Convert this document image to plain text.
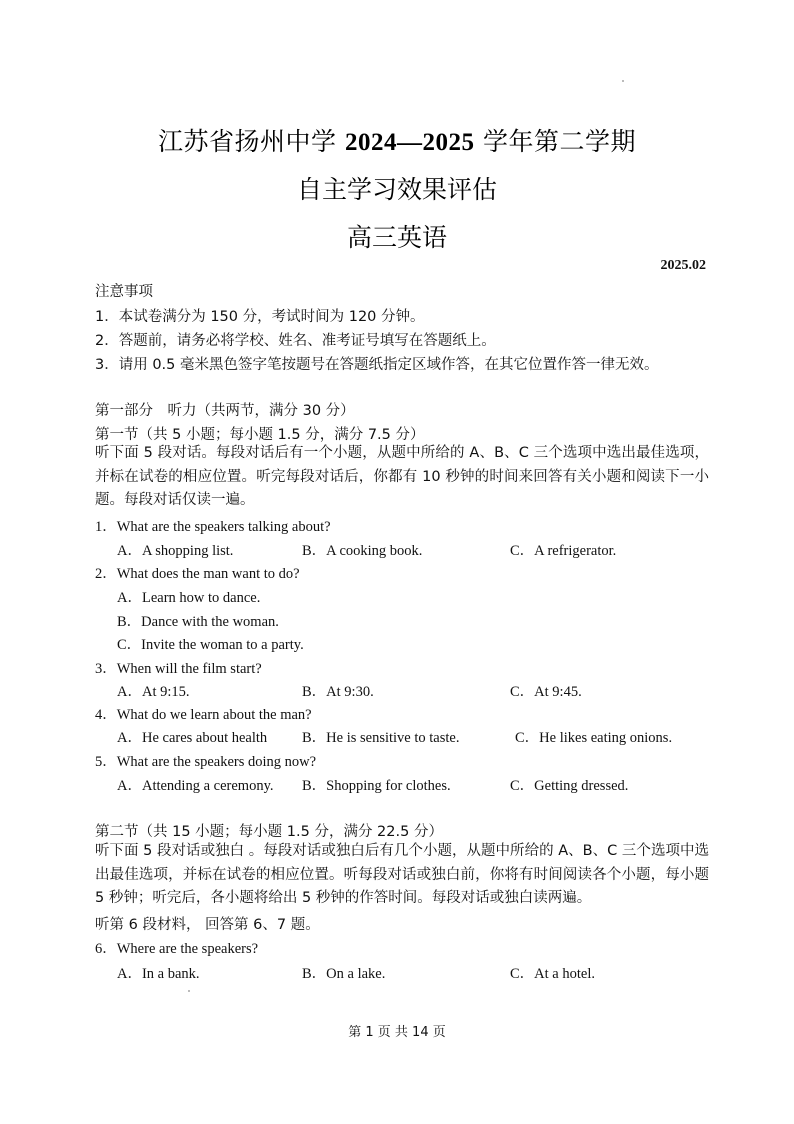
江苏省扬州中学 2024—2025 学年第二学期
自主学习效果评估
高三英语
2025.02
注意事项
1．本试卷满分为 150 分，考试时间为 120 分钟。
2．答题前，请务必将学校、姓名、准考证号填写在答题纸上。
3．请用 0.5 毫米黑色签字笔按题号在答题纸指定区域作答，在其它位置作答一律无效。
第一部分　听力（共两节，满分 30 分）
第一节（共 5 小题；每小题 1.5 分，满分 7.5 分）
听下面 5 段对话。每段对话后有一个小题，从题中所给的 A、B、C 三个选项中选出最佳选项，并标在试卷的相应位置。听完每段对话后，你都有 10 秒钟的时间来回答有关小题和阅读下一小题。每段对话仅读一遍。
1．What are the speakers talking about?
A．A shopping list.	B．A cooking book.	C．A refrigerator.
2．What does the man want to do?
A．Learn how to dance.
B．Dance with the woman.
C．Invite the woman to a party.
3．When will the film start?
A．At 9:15.	B．At 9:30.	C．At 9:45.
4．What do we learn about the man?
A．He cares about health B．He is sensitive to taste.	C．He likes eating onions.
5．What are the speakers doing now?
A．Attending a ceremony. B．Shopping for clothes.	C．Getting dressed.
第二节（共 15 小题；每小题 1.5 分，满分 22.5 分）
听下面 5 段对话或独白 。每段对话或独白后有几个小题，从题中所给的 A、B、C 三个选项中选出最佳选项，并标在试卷的相应位置。听每段对话或独白前，你将有时间阅读各个小题，每小题 5 秒钟；听完后，各小题将给出 5 秒钟的作答时间。每段对话或独白读两遍。
听第 6 段材料， 回答第 6、7 题。
6．Where are the speakers?
A．In a bank.	B．On a lake.	C．At a hotel.
第 1 页 共 14 页
